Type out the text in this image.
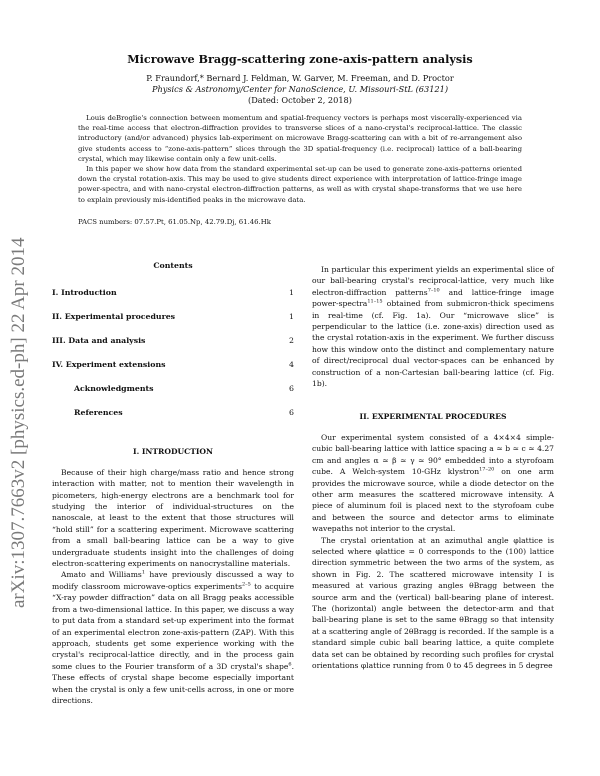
arXiv:1307.7663v2 [physics.ed-ph] 22 Apr 2014
Microwave Bragg-scattering zone-axis-pattern analysis
P. Fraundorf,* Bernard J. Feldman, W. Garver, M. Freeman, and D. Proctor
Physics & Astronomy/Center for NanoScience, U. Missouri-StL (63121)
(Dated: October 2, 2018)

Louis deBroglie's connection between momentum and spatial-frequency vectors is perhaps most viscerally-experienced via the real-time access that electron-diffraction provides to transverse slices of a nano-crystal's reciprocal-lattice. The classic introductory (and/or advanced) physics lab-experiment on microwave Bragg-scattering can with a bit of re-arrangement also give students access to “zone-axis-pattern” slices through the 3D spatial-frequency (i.e. reciprocal) lattice of a ball-bearing crystal, which may likewise contain only a few unit-cells.

In this paper we show how data from the standard experimental set-up can be used to generate zone-axis-patterns oriented down the crystal rotation-axis. This may be used to give students direct experience with interpretation of lattice-fringe image power-spectra, and with nano-crystal electron-diffraction patterns, as well as with crystal shape-transforms that we use here to explain previously mis-identified peaks in the microwave data.

PACS numbers: 07.57.Pt, 61.05.Np, 42.79.Dj, 61.46.Hk

Contents
I. Introduction	1
II. Experimental procedures	1
III. Data and analysis	2
IV. Experiment extensions	4
Acknowledgments	6
References	6
I. INTRODUCTION

Because of their high charge/mass ratio and hence strong interaction with matter, not to mention their wavelength in picometers, high-energy electrons are a benchmark tool for studying the interior of individual-structures on the nanoscale, at least to the extent that those structures will “hold still” for a scattering experiment. Microwave scattering from a small ball-bearing lattice can be a way to give undergraduate students insight into the challenges of doing electron-scattering experiments on nanocrystalline materials.

Amato and Williams$^1$ have previously discussed a way to modify classroom microwave-optics experiments$^{2-5}$ to acquire “X-ray powder diffraction” data on all Bragg peaks accessible from a two-dimensional lattice. In this paper, we discuss a way to put data from a standard set-up experiment into the format of an experimental electron zone-axis-pattern (ZAP). With this approach, students get some experience working with the crystal's reciprocal-lattice directly, and in the process gain some clues to the Fourier transform of a 3D crystal's shape$^6$. These effects of crystal shape become especially important when the crystal is only a few unit-cells across, in one or more directions.

In particular this experiment yields an experimental slice of our ball-bearing crystal's reciprocal-lattice, very much like electron-diffraction patterns$^{7-10}$ and lattice-fringe image power-spectra$^{11-15}$ obtained from submicron-thick specimens in real-time (cf. Fig. 1a). Our “microwave slice” is perpendicular to the lattice (i.e. zone-axis) direction used as the crystal rotation-axis in the experiment. We further discuss how this window onto the distinct and complementary nature of direct/reciprocal dual vector-spaces can be enhanced by construction of a non-Cartesian ball-bearing lattice (cf. Fig. 1b).

II. EXPERIMENTAL PROCEDURES

Our experimental system consisted of a 4×4×4 simple-cubic ball-bearing lattice with lattice spacing a ≃ b ≃ c ≃ 4.27 cm and angles α ≃ β ≃ γ ≃ 90° embedded into a styrofoam cube. A Welch-system 10-GHz klystron$^{17-20}$ on one arm provides the microwave source, while a diode detector on the other arm measures the scattered microwave intensity. A piece of aluminum foil is placed next to the styrofoam cube and between the source and detector arms to eliminate wavepaths not interior to the crystal.

The crystal orientation at an azimuthal angle φlattice is selected where φlattice = 0 corresponds to the (100) lattice direction symmetric between the two arms of the system, as shown in Fig. 2. The scattered microwave intensity I is measured at various grazing angles θBragg between the source arm and the (vertical) ball-bearing plane of interest. The (horizontal) angle between the detector-arm and that ball-bearing plane is set to the same θBragg so that intensity at a scattering angle of 2θBragg is recorded. If the sample is a standard simple cubic ball bearing lattice, a quite complete data set can be obtained by recording such profiles for crystal orientations φlattice running from 0 to 45 degrees in 5 degree
